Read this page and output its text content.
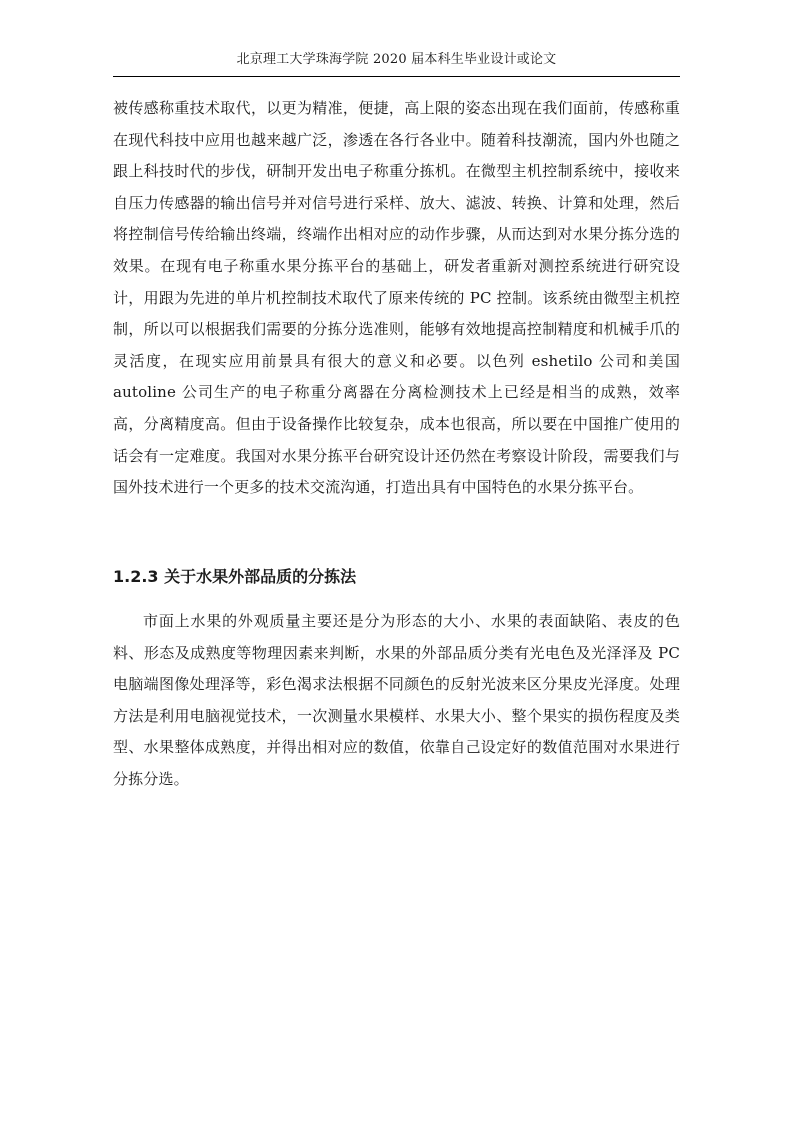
北京理工大学珠海学院 2020 届本科生毕业设计或论文

被传感称重技术取代，以更为精准，便捷，高上限的姿态出现在我们面前，传感称重在现代科技中应用也越来越广泛，渗透在各行各业中。随着科技潮流，国内外也随之跟上科技时代的步伐，研制开发出电子称重分拣机。在微型主机控制系统中，接收来自压力传感器的输出信号并对信号进行采样、放大、滤波、转换、计算和处理，然后将控制信号传给输出终端，终端作出相对应的动作步骤，从而达到对水果分拣分选的效果。在现有电子称重水果分拣平台的基础上，研发者重新对测控系统进行研究设计，用跟为先进的单片机控制技术取代了原来传统的 PC 控制。该系统由微型主机控制，所以可以根据我们需要的分拣分选准则，能够有效地提高控制精度和机械手爪的灵活度，在现实应用前景具有很大的意义和必要。以色列 eshetilo 公司和美国 autoline 公司生产的电子称重分离器在分离检测技术上已经是相当的成熟，效率高，分离精度高。但由于设备操作比较复杂，成本也很高，所以要在中国推广使用的话会有一定难度。我国对水果分拣平台研究设计还仍然在考察设计阶段，需要我们与国外技术进行一个更多的技术交流沟通，打造出具有中国特色的水果分拣平台。

1.2.3 关于水果外部品质的分拣法

市面上水果的外观质量主要还是分为形态的大小、水果的表面缺陷、表皮的色料、形态及成熟度等物理因素来判断，水果的外部品质分类有光电色及光泽泽及 PC 电脑端图像处理泽等，彩色渴求法根据不同颜色的反射光波来区分果皮光泽度。处理方法是利用电脑视觉技术，一次测量水果模样、水果大小、整个果实的损伤程度及类型、水果整体成熟度，并得出相对应的数值，依靠自己设定好的数值范围对水果进行分拣分选。
